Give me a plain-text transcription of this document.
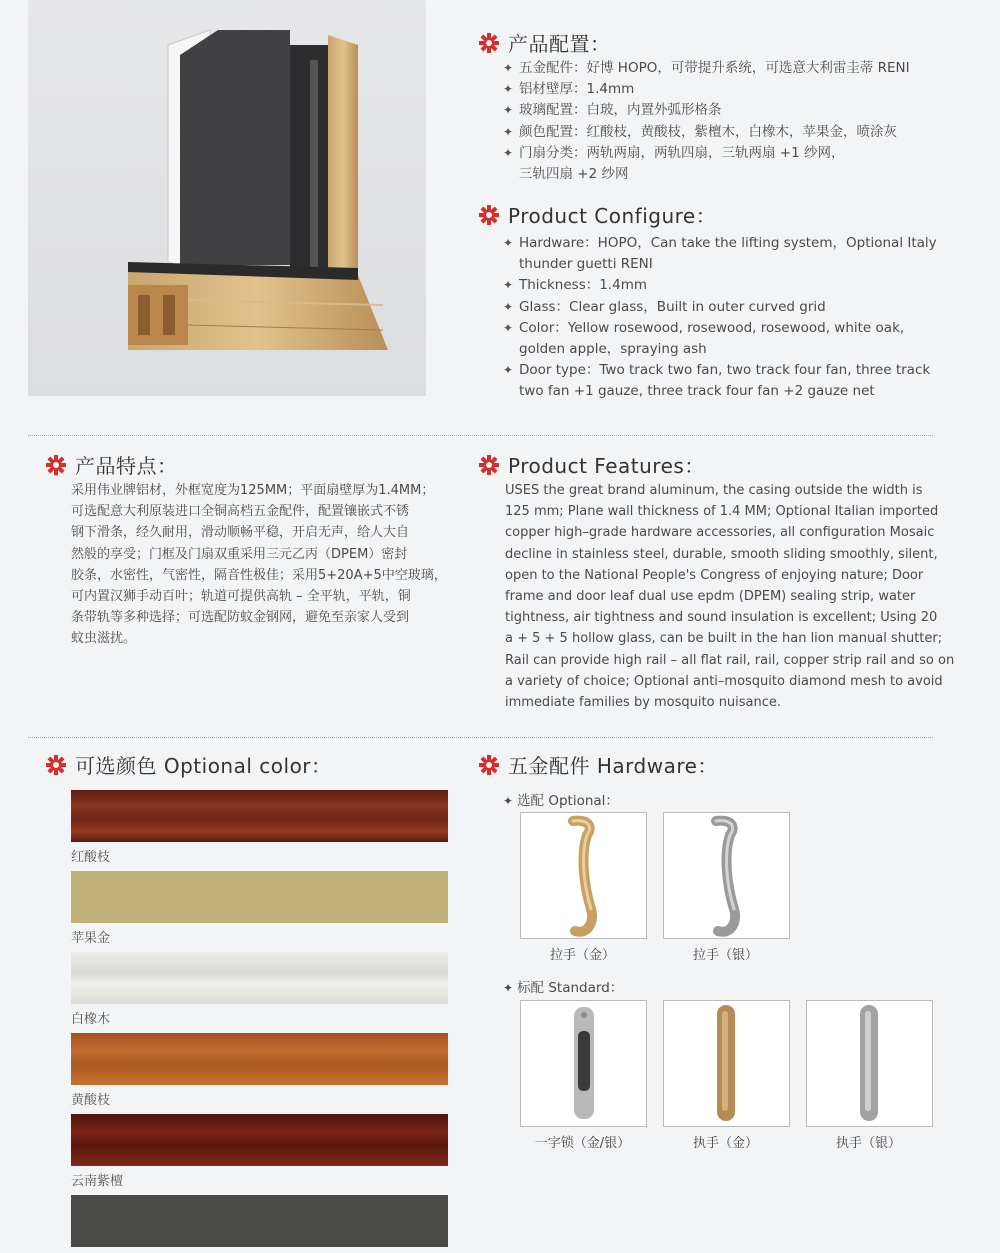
产品配置：
✦ 五金配件：好博 HOPO，可带提升系统，可选意大利雷圭蒂 RENI
✦ 铝材壁厚：1.4mm
✦ 玻璃配置：白玻，内置外弧形格条
✦ 颜色配置：红酸枝，黄酸枝，紫檀木，白橡木，苹果金，喷涂灰
✦ 门扇分类：两轨两扇，两轨四扇，三轨两扇 +1 纱网，
三轨四扇 +2 纱网
Product Configure：
✦ Hardware：HOPO，Can take the lifting system，Optional Italy
thunder guetti RENI
✦ Thickness：1.4mm
✦ Glass：Clear glass，Built in outer curved grid
✦ Color：Yellow rosewood, rosewood, rosewood, white oak,
golden apple，spraying ash
✦ Door type：Two track two fan, two track four fan, three track
two fan +1 gauze, three track four fan +2 gauze net
产品特点：
采用伟业牌铝材，外框宽度为125MM；平面扇壁厚为1.4MM；
可选配意大利原装进口全铜高档五金配件，配置镶嵌式不锈
钢下滑条，经久耐用，滑动顺畅平稳，开启无声，给人大自
然般的享受；门框及门扇双重采用三元乙丙（DPEM）密封
胶条，水密性，气密性，隔音性极佳；采用5+20A+5中空玻璃，
可内置汉狮手动百叶；轨道可提供高轨 – 全平轨，平轨，铜
条带轨等多种选择；可选配防蚊金钢网，避免至亲家人受到
蚊虫滋扰。
Product Features：
USES the great brand aluminum, the casing outside the width is
125 mm; Plane wall thickness of 1.4 MM; Optional Italian imported
copper high–grade hardware accessories, all configuration Mosaic
decline in stainless steel, durable, smooth sliding smoothly, silent,
open to the National People's Congress of enjoying nature; Door
frame and door leaf dual use epdm (DPEM) sealing strip, water
tightness, air tightness and sound insulation is excellent; Using 20
a + 5 + 5 hollow glass, can be built in the han lion manual shutter;
Rail can provide high rail – all flat rail, rail, copper strip rail and so on
a variety of choice; Optional anti–mosquito diamond mesh to avoid
immediate families by mosquito nuisance.
可选颜色 Optional color：
红酸枝
苹果金
白橡木
黄酸枝
云南紫檀
五金配件 Hardware：
✦ 选配 Optional：
拉手（金）	拉手（银）
✦ 标配 Standard：
一字锁（金/银）	执手（金）	执手（银）
